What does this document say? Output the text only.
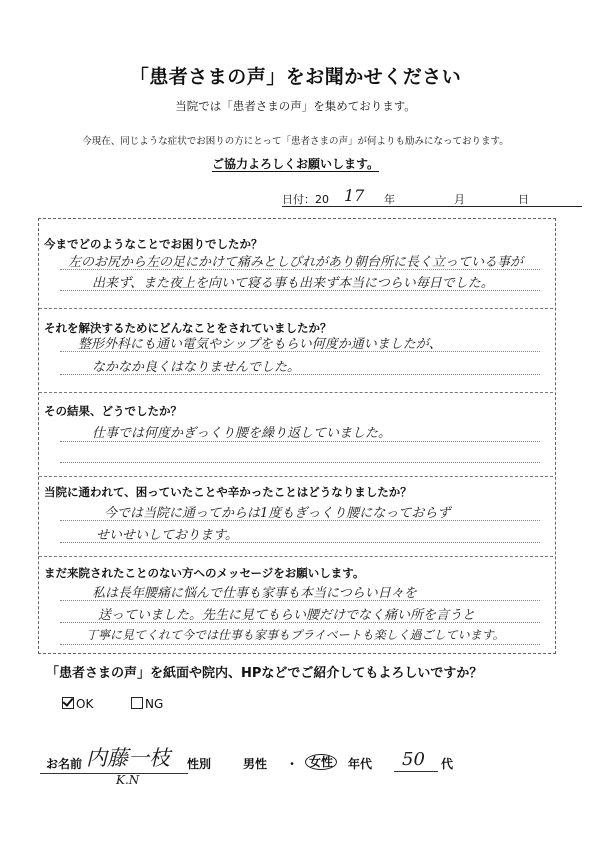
「患者さまの声」をお聞かせください
当院では「患者さまの声」を集めております。
今現在、同じような症状でお困りの方にとって「患者さまの声」が何よりも励みになっております。
ご協力よろしくお願いします。
日付：20 17 年	月	日
今までどのようなことでお困りでしたか？
左のお尻から左の足にかけて痛みとしびれがあり朝台所に長く立っている事が
出来ず、また夜上を向いて寝る事も出来ず本当につらい毎日でした。
それを解決するためにどんなことをされていましたか？
整形外科にも通い電気やシップをもらい何度か通いましたが、
なかなか良くはなりませんでした。
その結果、どうでしたか？
仕事では何度かぎっくり腰を繰り返していました。
当院に通われて、困っていたことや辛かったことはどうなりましたか？
今では当院に通ってからは1度もぎっくり腰になっておらず
せいせいしております。
まだ来院されたことのない方へのメッセージをお願いします。
私は長年腰痛に悩んで仕事も家事も本当につらい日々を
送っていました。先生に見てもらい腰だけでなく痛い所を言うと
丁寧に見てくれて今では仕事も家事もプライベートも楽しく過ごしています。
「患者さまの声」を紙面や院内、HPなどでご紹介してもよろしいですか？
OK	NG
お名前 内藤一枝
K.N
性別	男性 ・ 女性	年代 50 代
